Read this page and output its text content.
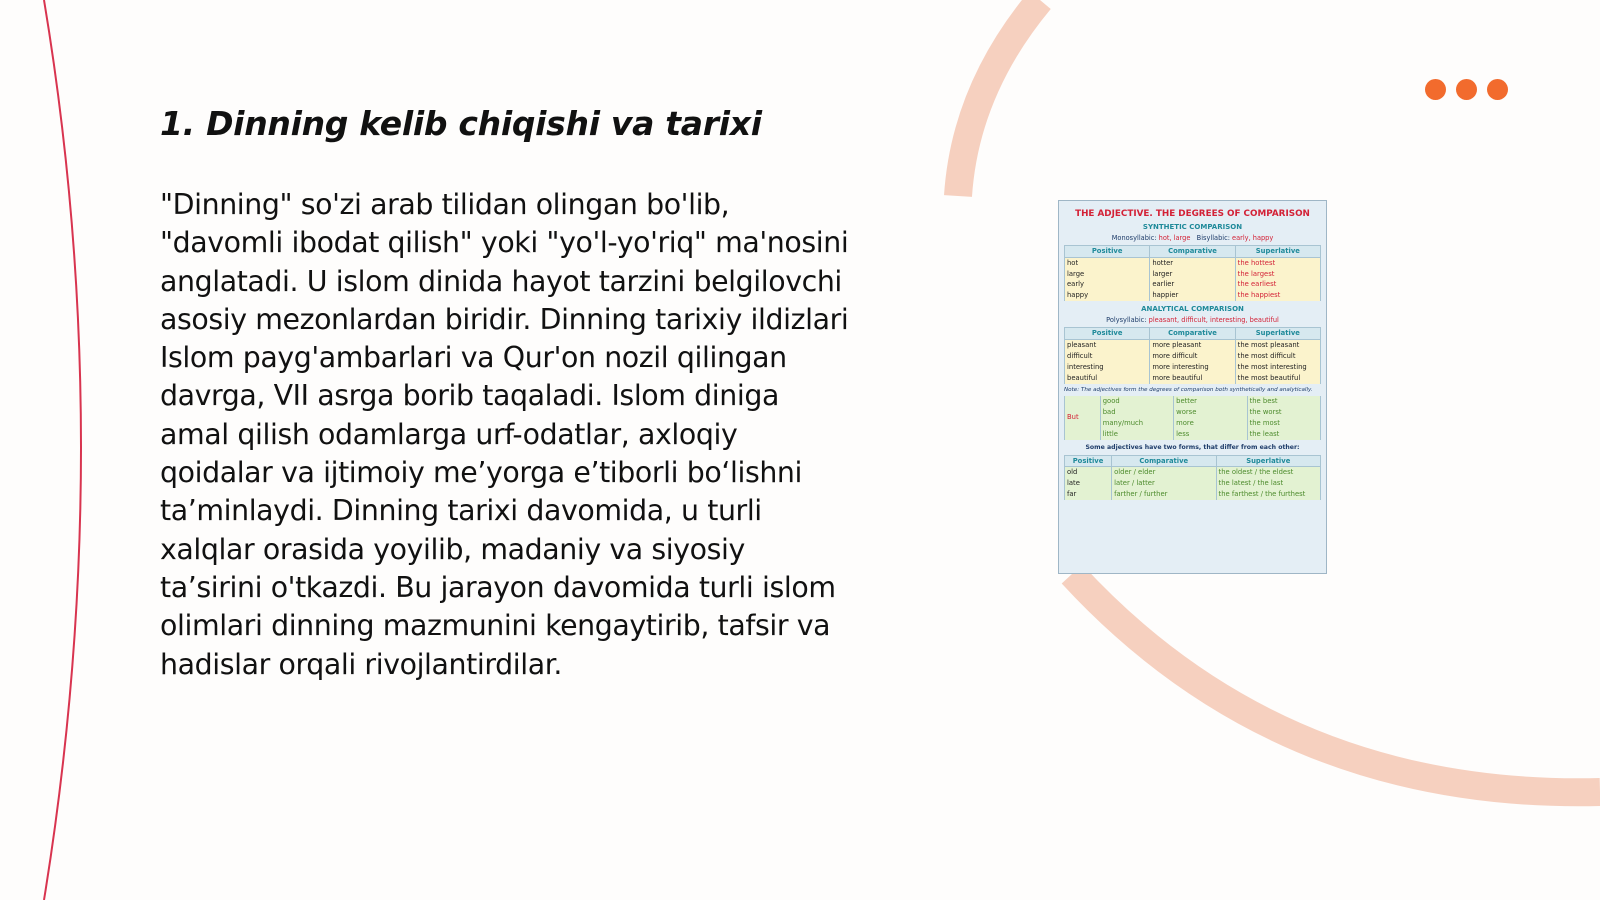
1. Dinning kelib chiqishi va tarixi

"Dinning" so'zi arab tilidan olingan bo'lib, "davomli ibodat qilish" yoki "yo'l-yo'riq" ma'nosini anglatadi. U islom dinida hayot tarzini belgilovchi asosiy mezonlardan biridir. Dinning tarixiy ildizlari Islom payg'ambarlari va Qur'on nozil qilingan davrga, VII asrga borib taqaladi. Islom diniga amal qilish odamlarga urf-odatlar, axloqiy qoidalar va ijtimoiy me’yorga e’tiborli bo‘lishni ta’minlaydi. Dinning tarixi davomida, u turli xalqlar orasida yoyilib, madaniy va siyosiy ta’sirini o'tkazdi. Bu jarayon davomida turli islom olimlari dinning mazmunini kengaytirib, tafsir va hadislar orqali rivojlantirdilar.

THE ADJECTIVE. THE DEGREES OF COMPARISON
SYNTHETIC COMPARISON
Monosyllabic: hot, large Bisyllabic: early, happy
Positive	Comparative	Superlative
hot	hotter	the hottest
large	larger	the largest
early	earlier	the earliest
happy	happier	the happiest
ANALYTICAL COMPARISON
Polysyllabic: pleasant, difficult, interesting, beautiful
Positive	Comparative	Superlative
pleasant	more pleasant	the most pleasant
difficult	more difficult	the most difficult
interesting	more interesting	the most interesting
beautiful	more beautiful	the most beautiful
Note: The adjectives form the degrees of comparison both synthetically and analytically.
But	good	better	the best
	bad	worse	the worst
	many/much	more	the most
	little	less	the least
Some adjectives have two forms, that differ from each other:
Positive	Comparative	Superlative
old	older / elder	the oldest / the eldest
late	later / latter	the latest / the last
far	farther / further	the farthest / the furthest
